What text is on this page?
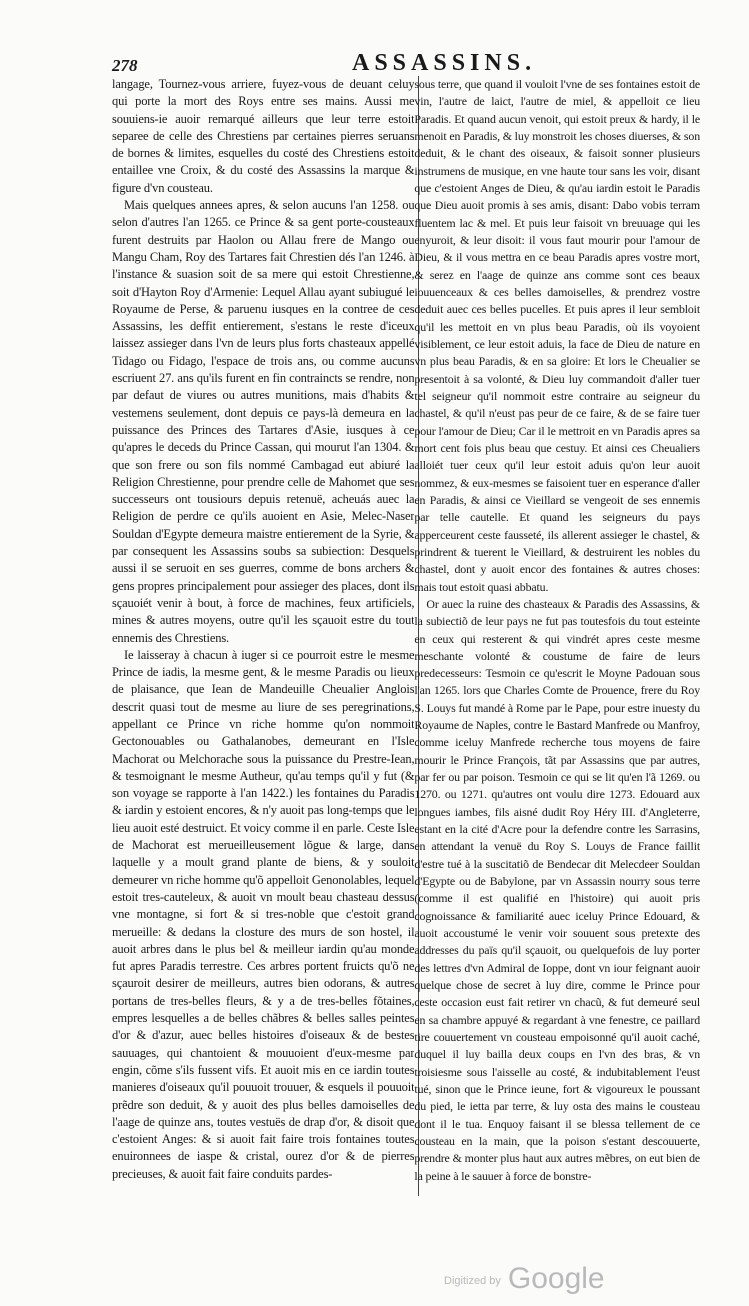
278	ASSASSINS.

langage, Tournez-vous arriere, fuyez-vous de deuant celuy qui porte la mort des Roys entre ses mains. Aussi me souuiens-ie auoir remarqué ailleurs que leur terre estoit separee de celle des Chrestiens par certaines pierres seruans de bornes & limites, esquelles du costé des Chrestiens estoit entaillee vne Croix, & du costé des Assassins la marque & figure d'vn cousteau.

Mais quelques annees apres, & selon aucuns l'an 1258. ou selon d'autres l'an 1265. ce Prince & sa gent porte-cousteaux furent destruits par Haolon ou Allau frere de Mango ou Mangu Cham, Roy des Tartares fait Chrestien dés l'an 1246. à l'instance & suasion soit de sa mere qui estoit Chrestienne, soit d'Hayton Roy d'Armenie: Lequel Allau ayant subiugué le Royaume de Perse, & paruenu iusques en la contree de ces Assassins, les deffit entierement, s'estans le reste d'iceux laissez assieger dans l'vn de leurs plus forts chasteaux appellé Tidago ou Fidago, l'espace de trois ans, ou comme aucuns escriuent 27. ans qu'ils furent en fin contraincts se rendre, non par defaut de viures ou autres munitions, mais d'habits & vestemens seulement, dont depuis ce pays-là demeura en la puissance des Princes des Tartares d'Asie, iusques à ce qu'apres le deceds du Prince Cassan, qui mourut l'an 1304. & que son frere ou son fils nommé Cambagad eut abiuré la Religion Chrestienne, pour prendre celle de Mahomet que ses successeurs ont tousiours depuis retenuë, acheuás auec la Religion de perdre ce qu'ils auoient en Asie, Melec-Naser Souldan d'Egypte demeura maistre entierement de la Syrie, & par consequent les Assassins soubs sa subiection: Desquels aussi il se seruoit en ses guerres, comme de bons archers & gens propres principalement pour assieger des places, dont ils sçauoiét venir à bout, à force de machines, feux artificiels, mines & autres moyens, outre qu'il les sçauoit estre du tout ennemis des Chrestiens.

Ie laisseray à chacun à iuger si ce pourroit estre le mesme Prince de iadis, la mesme gent, & le mesme Paradis ou lieux de plaisance, que Iean de Mandeuille Cheualier Anglois descrit quasi tout de mesme au liure de ses peregrinations, appellant ce Prince vn riche homme qu'on nommoit Gectonouables ou Gathalanobes, demeurant en l'Isle Machorat ou Melchorache sous la puissance du Prestre-Iean, & tesmoignant le mesme Autheur, qu'au temps qu'il y fut (& son voyage se rapporte à l'an 1422.) les fontaines du Paradis & iardin y estoient encores, & n'y auoit pas long-temps que le lieu auoit esté destruict. Et voicy comme il en parle. Ceste Isle de Machorat est merueilleusement lõgue & large, dans laquelle y a moult grand plante de biens, & y souloit demeurer vn riche homme qu'õ appelloit Genonolables, lequel estoit tres-cauteleux, & auoit vn moult beau chasteau dessus vne montagne, si fort & si tres-noble que c'estoit grand merueille: & dedans la closture des murs de son hostel, il auoit arbres dans le plus bel & meilleur iardin qu'au monde fut apres Paradis terrestre. Ces arbres portent fruicts qu'õ ne sçauroit desirer de meilleurs, autres bien odorans, & autres portans de tres-belles fleurs, & y a de tres-belles fõtaines, empres lesquelles a de belles chãbres & belles salles peintes d'or & d'azur, auec belles histoires d'oiseaux & de bestes sauuages, qui chantoient & mouuoient d'eux-mesme par engin, cõme s'ils fussent vifs. Et auoit mis en ce iardin toutes manieres d'oiseaux qu'il pouuoit trouuer, & esquels il pouuoit prẽdre son deduit, & y auoit des plus belles damoiselles de l'aage de quinze ans, toutes vestuës de drap d'or, & disoit que c'estoient Anges: & si auoit fait faire trois fontaines toutes enuironnees de iaspe & cristal, ourez d'or & de pierres precieuses, & auoit fait faire conduits pardes-

sous terre, que quand il vouloit l'vne de ses fontaines estoit de vin, l'autre de laict, l'autre de miel, & appelloit ce lieu Paradis. Et quand aucun venoit, qui estoit preux & hardy, il le menoit en Paradis, & luy monstroit les choses diuerses, & son deduit, & le chant des oiseaux, & faisoit sonner plusieurs instrumens de musique, en vne haute tour sans les voir, disant que c'estoient Anges de Dieu, & qu'au iardin estoit le Paradis que Dieu auoit promis à ses amis, disant: Dabo vobis terram fluentem lac & mel. Et puis leur faisoit vn breuuage qui les enyuroit, & leur disoit: il vous faut mourir pour l'amour de Dieu, & il vous mettra en ce beau Paradis apres vostre mort, & serez en l'aage de quinze ans comme sont ces beaux iouuenceaux & ces belles damoiselles, & prendrez vostre deduit auec ces belles pucelles. Et puis apres il leur sembloit qu'il les mettoit en vn plus beau Paradis, où ils voyoient visiblement, ce leur estoit aduis, la face de Dieu de nature en vn plus beau Paradis, & en sa gloire: Et lors le Cheualier se presentoit à sa volonté, & Dieu luy commandoit d'aller tuer tel seigneur qu'il nommoit estre contraire au seigneur du chastel, & qu'il n'eust pas peur de ce faire, & de se faire tuer pour l'amour de Dieu; Car il le mettroit en vn Paradis apres sa mort cent fois plus beau que cestuy. Et ainsi ces Cheualiers alloiét tuer ceux qu'il leur estoit aduis qu'on leur auoit nommez, & eux-mesmes se faisoient tuer en esperance d'aller en Paradis, & ainsi ce Vieillard se vengeoit de ses ennemis par telle cautelle. Et quand les seigneurs du pays apperceurent ceste fausseté, ils allerent assieger le chastel, & prindrent & tuerent le Vieillard, & destruirent les nobles du chastel, dont y auoit encor des fontaines & autres choses: mais tout estoit quasi abbatu.

Or auec la ruine des chasteaux & Paradis des Assassins, & la subiectiõ de leur pays ne fut pas toutesfois du tout esteinte en ceux qui resterent & qui vindrét apres ceste mesme meschante volonté & coustume de faire de leurs predecesseurs: Tesmoin ce qu'escrit le Moyne Padouan sous l'an 1265. lors que Charles Comte de Prouence, frere du Roy S. Louys fut mandé à Rome par le Pape, pour estre inuesty du Royaume de Naples, contre le Bastard Manfrede ou Manfroy, comme iceluy Manfrede recherche tous moyens de faire mourir le Prince François, tãt par Assassins que par autres, par fer ou par poison. Tesmoin ce qui se lit qu'en l'ã 1269. ou 1270. ou 1271. qu'autres ont voulu dire 1273. Edouard aux longues iambes, fils aisné dudit Roy Héry III. d'Angleterre, estant en la cité d'Acre pour la defendre contre les Sarrasins, en attendant la venuë du Roy S. Louys de France faillit d'estre tué à la suscitatiõ de Bendecar dit Melecdeer Souldan d'Egypte ou de Babylone, par vn Assassin nourry sous terre (comme il est qualifié en l'histoire) qui auoit pris cognoissance & familiarité auec iceluy Prince Edouard, & auoit accoustumé le venir voir souuent sous pretexte des addresses du païs qu'il sçauoit, ou quelquefois de luy porter des lettres d'vn Admiral de Ioppe, dont vn iour feignant auoir quelque chose de secret à luy dire, comme le Prince pour ceste occasion eust fait retirer vn chacũ, & fut demeuré seul en sa chambre appuyé & regardant à vne fenestre, ce paillard tire couuertement vn cousteau empoisonné qu'il auoit caché, duquel il luy bailla deux coups en l'vn des bras, & vn troisiesme sous l'aisselle au costé, & indubitablement l'eust tué, sinon que le Prince ieune, fort & vigoureux le poussant du pied, le ietta par terre, & luy osta des mains le cousteau dont il le tua. Enquoy faisant il se blessa tellement de ce cousteau en la main, que la poison s'estant descouuerte, prendre & monter plus haut aux autres mẽbres, on eut bien de la peine à le sauuer à force de bonstre-

$^{Digitized by}$ Google
